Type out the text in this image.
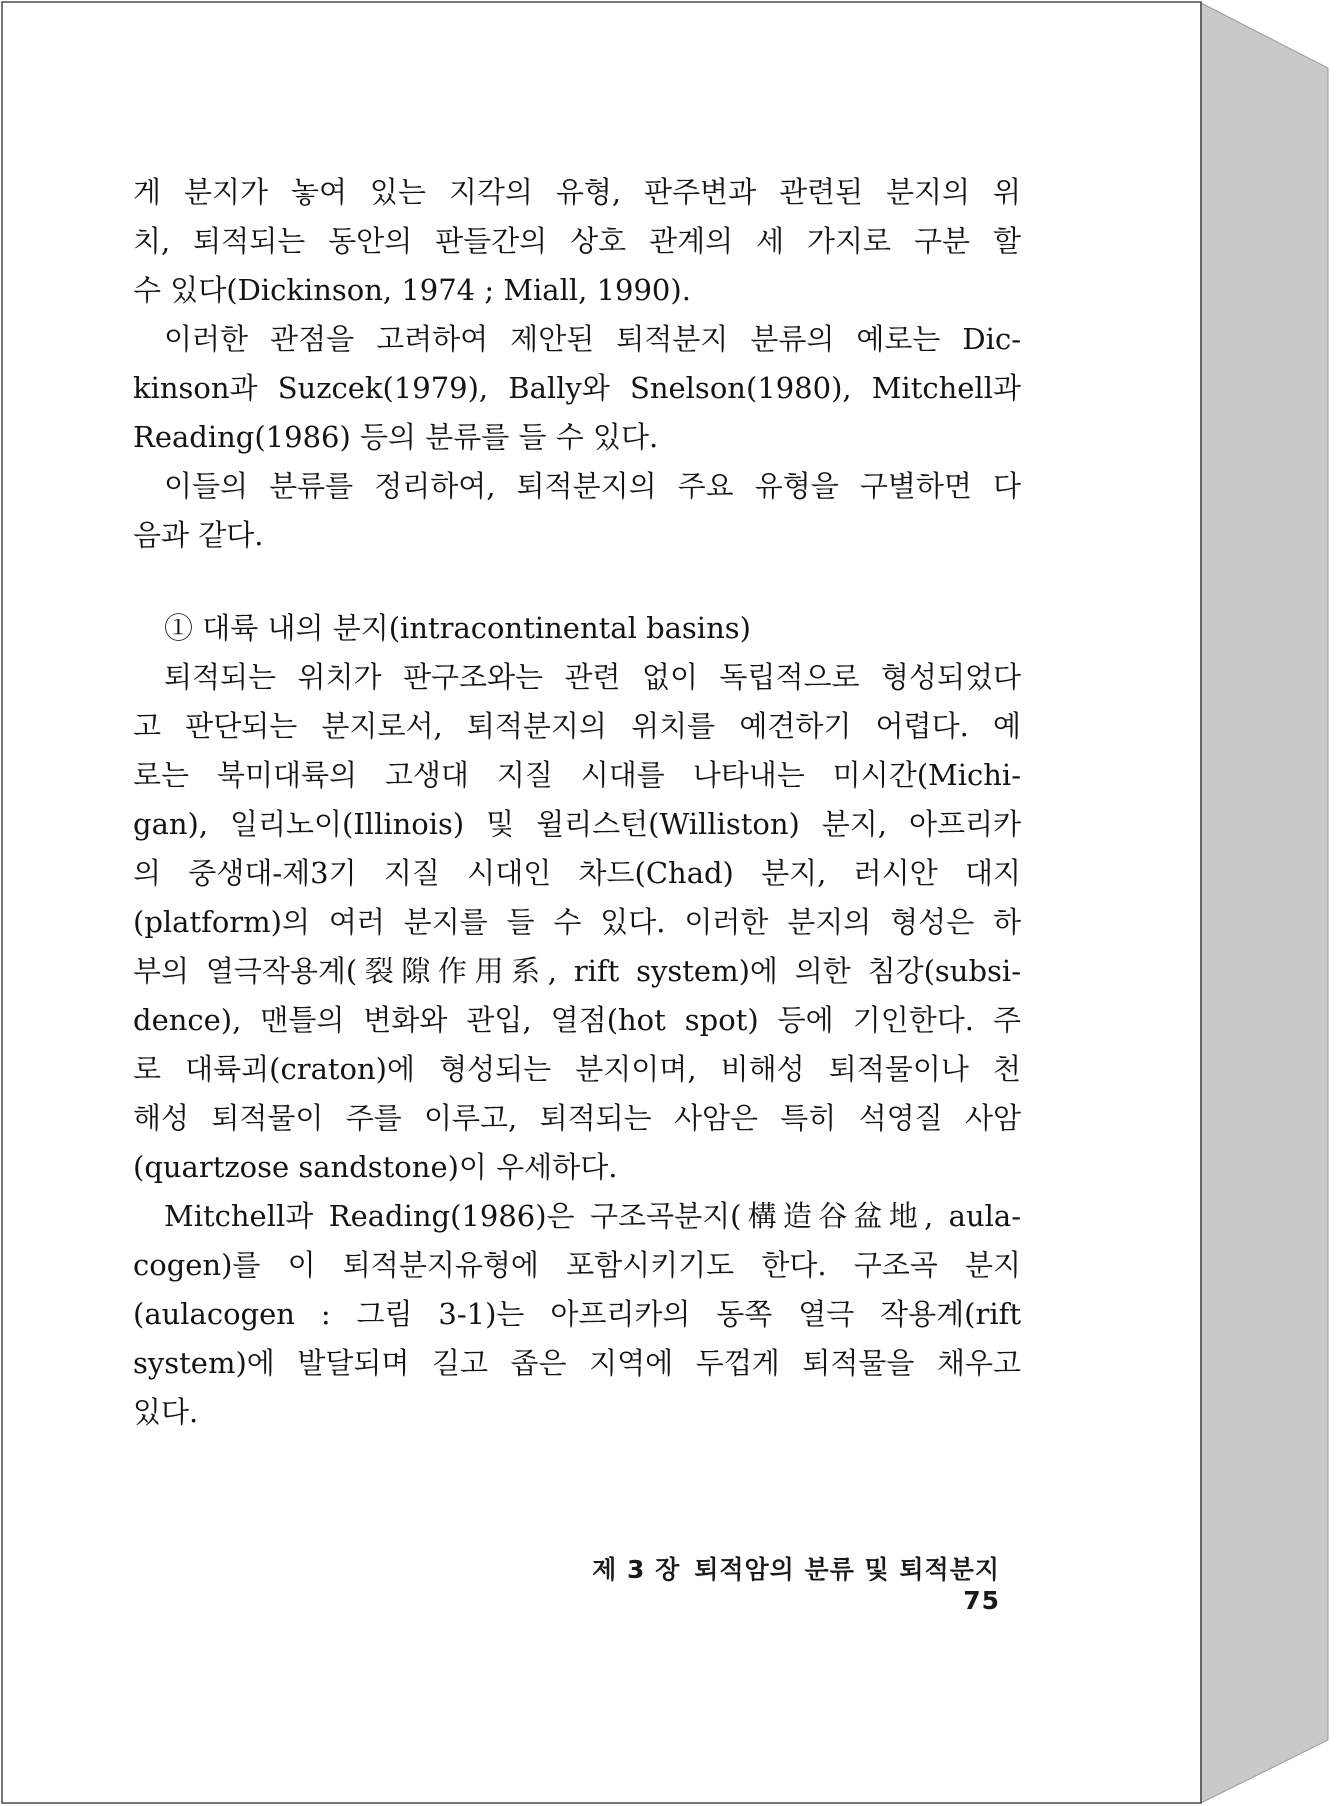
게 분지가 놓여 있는 지각의 유형, 판주변과 관련된 분지의 위
치, 퇴적되는 동안의 판들간의 상호 관계의 세 가지로 구분 할
수 있다(Dickinson, 1974 ; Miall, 1990).
이러한 관점을 고려하여 제안된 퇴적분지 분류의 예로는 Dic-
kinson과 Suzcek(1979), Bally와 Snelson(1980), Mitchell과
Reading(1986) 등의 분류를 들 수 있다.
이들의 분류를 정리하여, 퇴적분지의 주요 유형을 구별하면 다
음과 같다.
① 대륙 내의 분지(intracontinental basins)
퇴적되는 위치가 판구조와는 관련 없이 독립적으로 형성되었다
고 판단되는 분지로서, 퇴적분지의 위치를 예견하기 어렵다. 예
로는 북미대륙의 고생대 지질 시대를 나타내는 미시간(Michi-
gan), 일리노이(Illinois) 및 윌리스턴(Williston) 분지, 아프리카
의 중생대-제3기 지질 시대인 차드(Chad) 분지, 러시안 대지
(platform)의 여러 분지를 들 수 있다. 이러한 분지의 형성은 하
부의 열극작용계(裂隙作用系, rift system)에 의한 침강(subsi-
dence), 맨틀의 변화와 관입, 열점(hot spot) 등에 기인한다. 주
로 대륙괴(craton)에 형성되는 분지이며, 비해성 퇴적물이나 천
해성 퇴적물이 주를 이루고, 퇴적되는 사암은 특히 석영질 사암
(quartzose sandstone)이 우세하다.
Mitchell과 Reading(1986)은 구조곡분지(構造谷盆地, aula-
cogen)를 이 퇴적분지유형에 포함시키기도 한다. 구조곡 분지
(aulacogen : 그림 3-1)는 아프리카의 동쪽 열극 작용계(rift
system)에 발달되며 길고 좁은 지역에 두껍게 퇴적물을 채우고
있다.
제 3 장 퇴적암의 분류 및 퇴적분지75
